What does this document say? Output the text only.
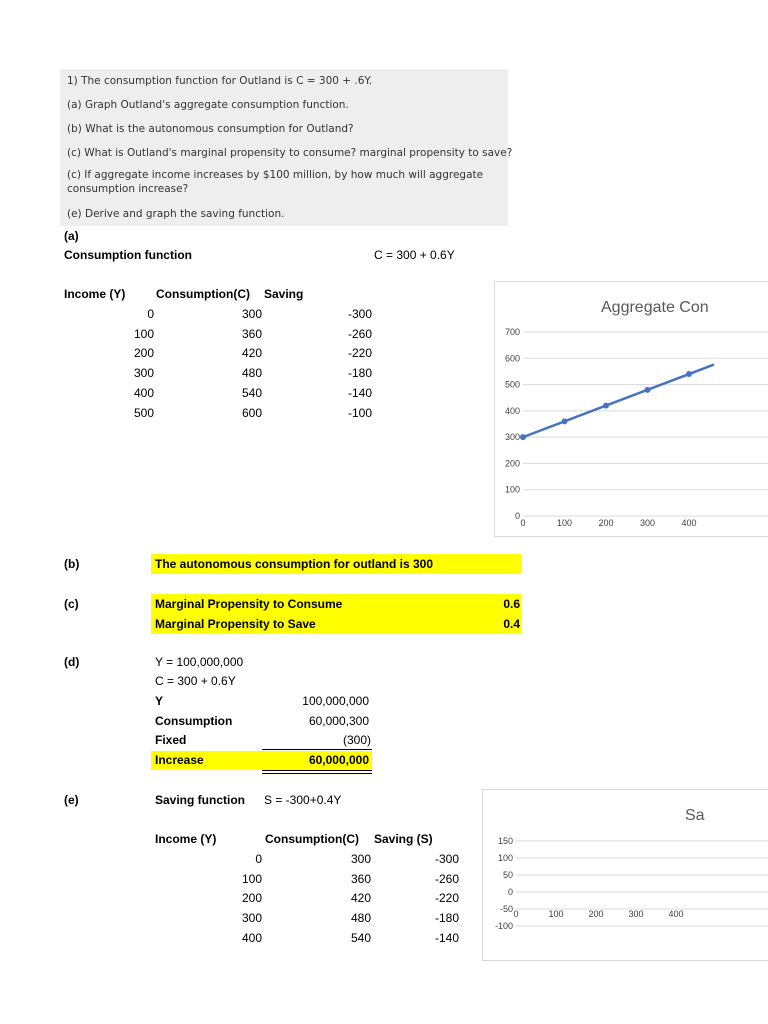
1) The consumption function for Outland is C = 300 + .6Y.
(a) Graph Outland's aggregate consumption function.
(b) What is the autonomous consumption for Outland?
(c) What is Outland's marginal propensity to consume? marginal propensity to save?
(c) If aggregate income increases by $100 million, by how much will aggregate
consumption increase?
(e) Derive and graph the saving function.
(a)
Consumption function	C = 300 + 0.6Y
Income (Y)	Consumption(C) Saving
0	300	-300
100	360	-260
200	420	-220
300	480	-180
400	540	-140
500	600	-100
Aggregate Con
0
100
200
300
400
500
600
700
0	100	200	300	400
(b)	The autonomous consumption for outland is 300
(c)	Marginal Propensity to Consume	0.6
Marginal Propensity to Save	0.4
(d)	Y = 100,000,000
C = 300 + 0.6Y
Y	100,000,000
Consumption	60,000,300
Fixed	(300)
Increase	60,000,000
(e)	Saving function S = -300+0.4Y
Income (Y)	Consumption(C) Saving (S)
0	300	-300
100	360	-260
200	420	-220
300	480	-180
400	540	-140
Sa
-100
-50
0
50
100
150
0	100	200	300	400
